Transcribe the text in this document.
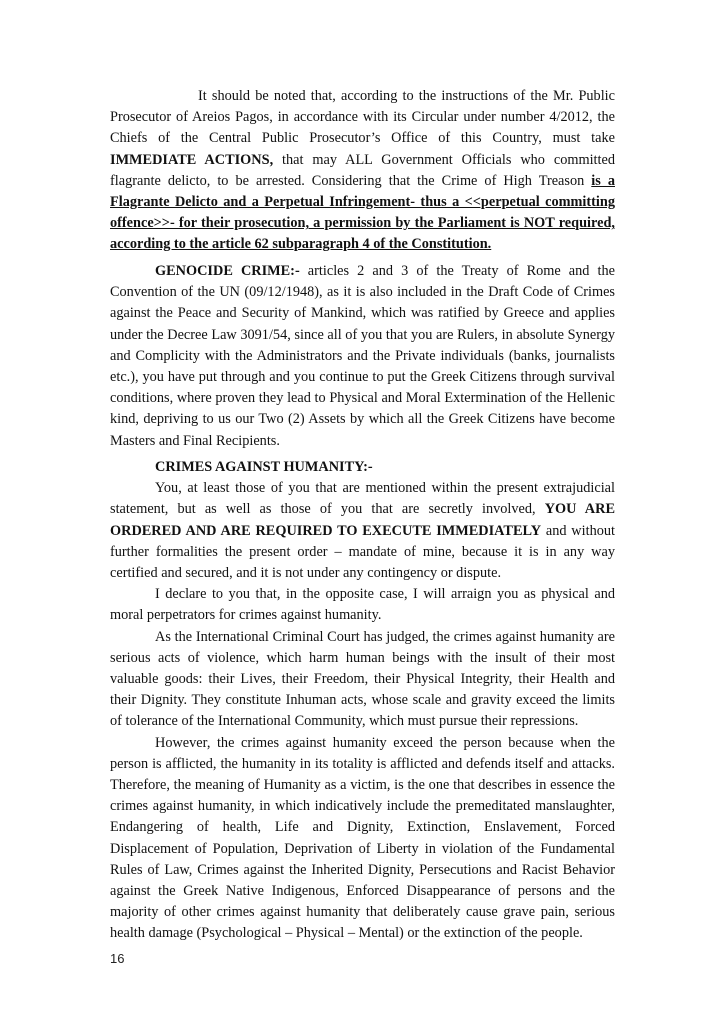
It should be noted that, according to the instructions of the Mr. Public Prosecutor of Areios Pagos, in accordance with its Circular under number 4/2012, the Chiefs of the Central Public Prosecutor’s Office of this Country, must take IMMEDIATE ACTIONS, that may ALL Government Officials who committed flagrante delicto, to be arrested. Considering that the Crime of High Treason is a Flagrante Delicto and a Perpetual Infringement- thus a <<perpetual committing offence>>- for their prosecution, a permission by the Parliament is NOT required, according to the article 62 subparagraph 4 of the Constitution.

GENOCIDE CRIME:- articles 2 and 3 of the Treaty of Rome and the Convention of the UN (09/12/1948), as it is also included in the Draft Code of Crimes against the Peace and Security of Mankind, which was ratified by Greece and applies under the Decree Law 3091/54, since all of you that you are Rulers, in absolute Synergy and Complicity with the Administrators and the Private individuals (banks, journalists etc.), you have put through and you continue to put the Greek Citizens through survival conditions, where proven they lead to Physical and Moral Extermination of the Hellenic kind, depriving to us our Two (2) Assets by which all the Greek Citizens have become Masters and Final Recipients.

CRIMES AGAINST HUMANITY:-

You, at least those of you that are mentioned within the present extrajudicial statement, but as well as those of you that are secretly involved, YOU ARE ORDERED AND ARE REQUIRED TO EXECUTE IMMEDIATELY and without further formalities the present order – mandate of mine, because it is in any way certified and secured, and it is not under any contingency or dispute.

I declare to you that, in the opposite case, I will arraign you as physical and moral perpetrators for crimes against humanity.

As the International Criminal Court has judged, the crimes against humanity are serious acts of violence, which harm human beings with the insult of their most valuable goods: their Lives, their Freedom, their Physical Integrity, their Health and their Dignity. They constitute Inhuman acts, whose scale and gravity exceed the limits of tolerance of the International Community, which must pursue their repressions.

However, the crimes against humanity exceed the person because when the person is afflicted, the humanity in its totality is afflicted and defends itself and attacks. Therefore, the meaning of Humanity as a victim, is the one that describes in essence the crimes against humanity, in which indicatively include the premeditated manslaughter, Endangering of health, Life and Dignity, Extinction, Enslavement, Forced Displacement of Population, Deprivation of Liberty in violation of the Fundamental Rules of Law, Crimes against the Inherited Dignity, Persecutions and Racist Behavior against the Greek Native Indigenous, Enforced Disappearance of persons and the majority of other crimes against humanity that deliberately cause grave pain, serious health damage (Psychological – Physical – Mental) or the extinction of the people.

16
